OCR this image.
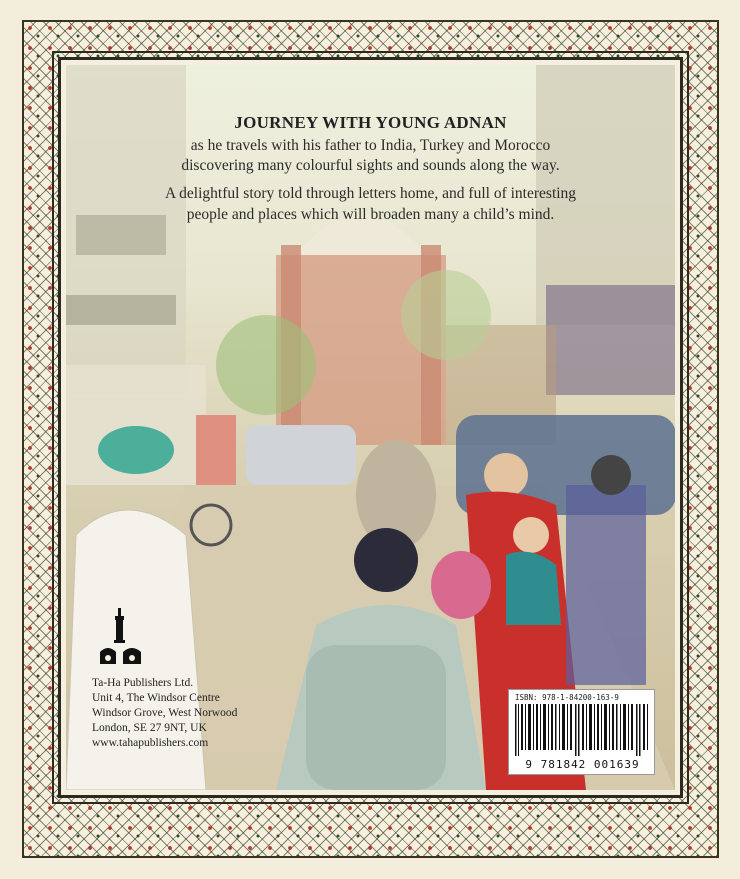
JOURNEY WITH YOUNG ADNAN
as he travels with his father to India, Turkey and Morocco
discovering many colourful sights and sounds along the way.
A delightful story told through letters home, and full of interesting
people and places which will broaden many a child’s mind.
Ta-Ha Publishers Ltd.
Unit 4, The Windsor Centre
Windsor Grove, West Norwood
London, SE 27 9NT, UK
www.tahapublishers.com
ISBN: 978-1-84200-163-9
9 781842 001639
